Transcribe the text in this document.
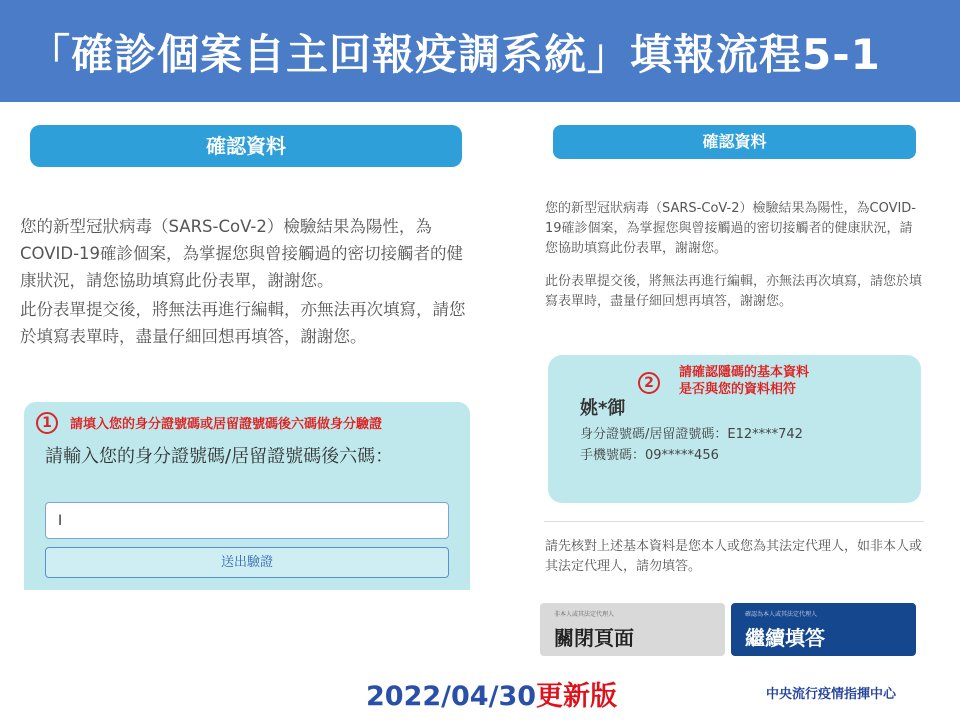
「確診個案自主回報疫調系統」填報流程5-1
確認資料
您的新型冠狀病毒（SARS-CoV-2）檢驗結果為陽性，為COVID-19確診個案，為掌握您與曾接觸過的密切接觸者的健康狀況，請您協助填寫此份表單，謝謝您。
此份表單提交後，將無法再進行編輯，亦無法再次填寫，請您於填寫表單時，盡量仔細回想再填答，謝謝您。
1	請填入您的身分證號碼或居留證號碼後六碼做身分驗證
請輸入您的身分證號碼/居留證號碼後六碼：
I
送出驗證
確認資料
您的新型冠狀病毒（SARS-CoV-2）檢驗結果為陽性，為COVID-19確診個案，為掌握您與曾接觸過的密切接觸者的健康狀況，請您協助填寫此份表單，謝謝您。
此份表單提交後，將無法再進行編輯，亦無法再次填寫，請您於填寫表單時，盡量仔細回想再填答，謝謝您。
2
請確認隱碼的基本資料
是否與您的資料相符
姚*御
身分證號碼/居留證號碼：E12****742
手機號碼：09*****456
請先核對上述基本資料是您本人或您為其法定代理人，如非本人或其法定代理人，請勿填答。
非本人或其法定代理人
關閉頁面
確認為本人或其法定代理人
繼續填答
2022/04/30更新版	中央流行疫情指揮中心
